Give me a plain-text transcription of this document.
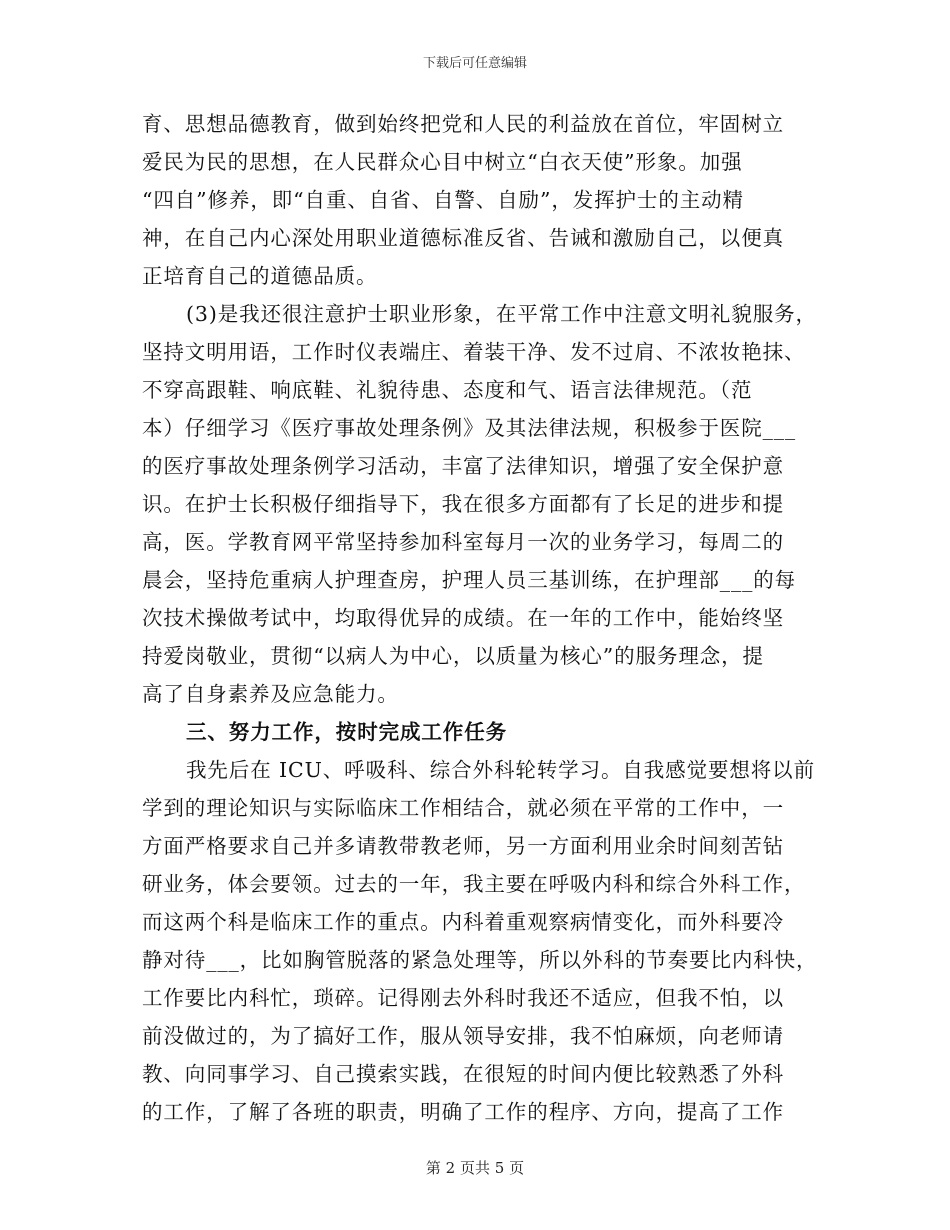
下载后可任意编辑
育、思想品德教育，做到始终把党和人民的利益放在首位，牢固树立
爱民为民的思想，在人民群众心目中树立“白衣天使”形象。加强
“四自”修养，即“自重、自省、自警、自励”，发挥护士的主动精
神，在自己内心深处用职业道德标准反省、告诫和激励自己，以便真
正培育自己的道德品质。
(3)是我还很注意护士职业形象，在平常工作中注意文明礼貌服务，
坚持文明用语，工作时仪表端庄、着装干净、发不过肩、不浓妆艳抹、
不穿高跟鞋、响底鞋、礼貌待患、态度和气、语言法律规范。（范
本）仔细学习《医疗事故处理条例》及其法律法规，积极参于医院___
的医疗事故处理条例学习活动，丰富了法律知识，增强了安全保护意
识。在护士长积极仔细指导下，我在很多方面都有了长足的进步和提
高，医。学教育网平常坚持参加科室每月一次的业务学习，每周二的
晨会，坚持危重病人护理查房，护理人员三基训练，在护理部___的每
次技术操做考试中，均取得优异的成绩。在一年的工作中，能始终坚
持爱岗敬业，贯彻“以病人为中心，以质量为核心”的服务理念，提
高了自身素养及应急能力。
三、努力工作，按时完成工作任务
我先后在 ICU、呼吸科、综合外科轮转学习。自我感觉要想将以前
学到的理论知识与实际临床工作相结合，就必须在平常的工作中，一
方面严格要求自己并多请教带教老师，另一方面利用业余时间刻苦钻
研业务，体会要领。过去的一年，我主要在呼吸内科和综合外科工作，
而这两个科是临床工作的重点。内科着重观察病情变化，而外科要冷
静对待___，比如胸管脱落的紧急处理等，所以外科的节奏要比内科快，
工作要比内科忙，琐碎。记得刚去外科时我还不适应，但我不怕，以
前没做过的，为了搞好工作，服从领导安排，我不怕麻烦，向老师请
教、向同事学习、自己摸索实践，在很短的时间内便比较熟悉了外科
的工作，了解了各班的职责，明确了工作的程序、方向，提高了工作
第 2 页共 5 页
